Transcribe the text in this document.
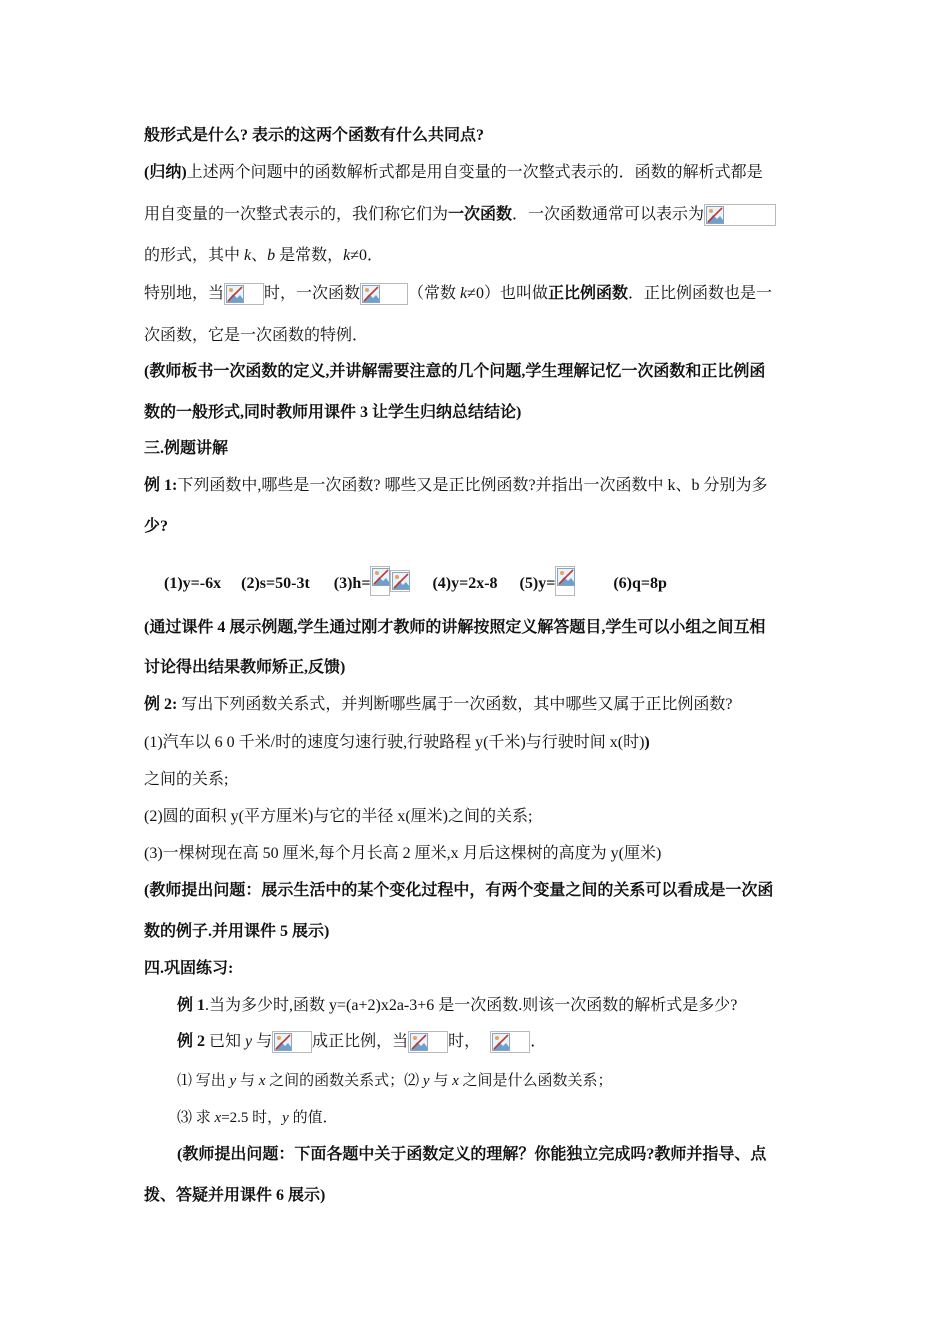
般形式是什么? 表示的这两个函数有什么共同点?
(归纳)上述两个问题中的函数解析式都是用自变量的一次整式表示的．函数的解析式都是
用自变量的一次整式表示的，我们称它们为一次函数．一次函数通常可以表示为
的形式，其中 k、b 是常数，k≠0．
特别地，当	时，一次函数	（常数 k≠0）也叫做正比例函数．正比例函数也是一
次函数，它是一次函数的特例．
(教师板书一次函数的定义,并讲解需要注意的几个问题,学生理解记忆一次函数和正比例函
数的一般形式,同时教师用课件 3 让学生归纳总结结论)
三.例题讲解
例 1:下列函数中,哪些是一次函数? 哪些又是正比例函数?并指出一次函数中 k、b 分别为多
少?
(1)y=-6x (2)s=50-3t (3)h=	(4)y=2x-8 (5)y=	(6)q=8p
(通过课件 4 展示例题,学生通过刚才教师的讲解按照定义解答题目,学生可以小组之间互相
讨论得出结果教师矫正,反馈)
例 2: 写出下列函数关系式，并判断哪些属于一次函数，其中哪些又属于正比例函数?
(1)汽车以 6 0 千米/时的速度匀速行驶,行驶路程 y(千米)与行驶时间 x(时))
之间的关系;
(2)圆的面积 y(平方厘米)与它的半径 x(厘米)之间的关系;
(3)一棵树现在高 50 厘米,每个月长高 2 厘米,x 月后这棵树的高度为 y(厘米)
(教师提出问题：展示生活中的某个变化过程中，有两个变量之间的关系可以看成是一次函
数的例子.并用课件 5 展示)
四.巩固练习:
例 1.当为多少时,函数 y=(a+2)x2a-3+6 是一次函数.则该一次函数的解析式是多少?
例 2 已知 y 与	成正比例，当	时，	．
⑴ 写出 y 与 x 之间的函数关系式；⑵ y 与 x 之间是什么函数关系；
⑶ 求 x=2.5 时，y 的值．
(教师提出问题：下面各题中关于函数定义的理解？你能独立完成吗?教师并指导、点
拨、答疑并用课件 6 展示)
